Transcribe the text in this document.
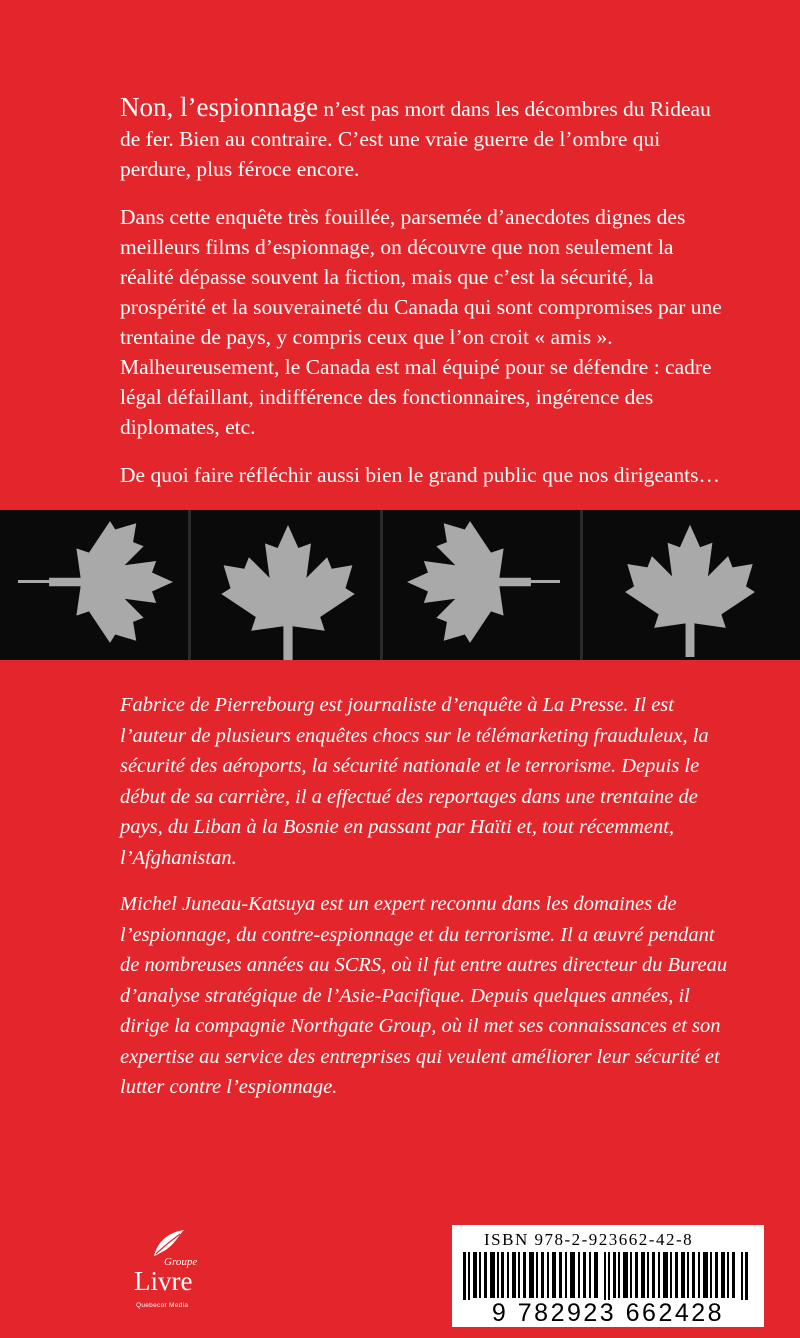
Non, l’espionnage n’est pas mort dans les décombres du Rideau de fer. Bien au contraire. C’est une vraie guerre de l’ombre qui perdure, plus féroce encore.

Dans cette enquête très fouillée, parsemée d’anecdotes dignes des meilleurs films d’espionnage, on découvre que non seulement la réalité dépasse souvent la fiction, mais que c’est la sécurité, la prospérité et la souveraineté du Canada qui sont compromises par une trentaine de pays, y compris ceux que l’on croit « amis ». Malheureusement, le Canada est mal équipé pour se défendre : cadre légal défaillant, indifférence des fonctionnaires, ingérence des diplomates, etc.

De quoi faire réfléchir aussi bien le grand public que nos dirigeants…

Fabrice de Pierrebourg est journaliste d’enquête à La Presse. Il est l’auteur de plusieurs enquêtes chocs sur le télémarketing frauduleux, la sécurité des aéroports, la sécurité nationale et le terrorisme. Depuis le début de sa carrière, il a effectué des reportages dans une trentaine de pays, du Liban à la Bosnie en passant par Haïti et, tout récemment, l’Afghanistan.

Michel Juneau-Katsuya est un expert reconnu dans les domaines de l’espionnage, du contre-espionnage et du terrorisme. Il a œuvré pendant de nombreuses années au SCRS, où il fut entre autres directeur du Bureau d’analyse stratégique de l’Asie-Pacifique. Depuis quelques années, il dirige la compagnie Northgate Group, où il met ses connaissances et son expertise au service des entreprises qui veulent améliorer leur sécurité et lutter contre l’espionnage.

Groupe
Livre
Quebecor Media
ISBN 978-2-923662-42-8
9 782923 662428
